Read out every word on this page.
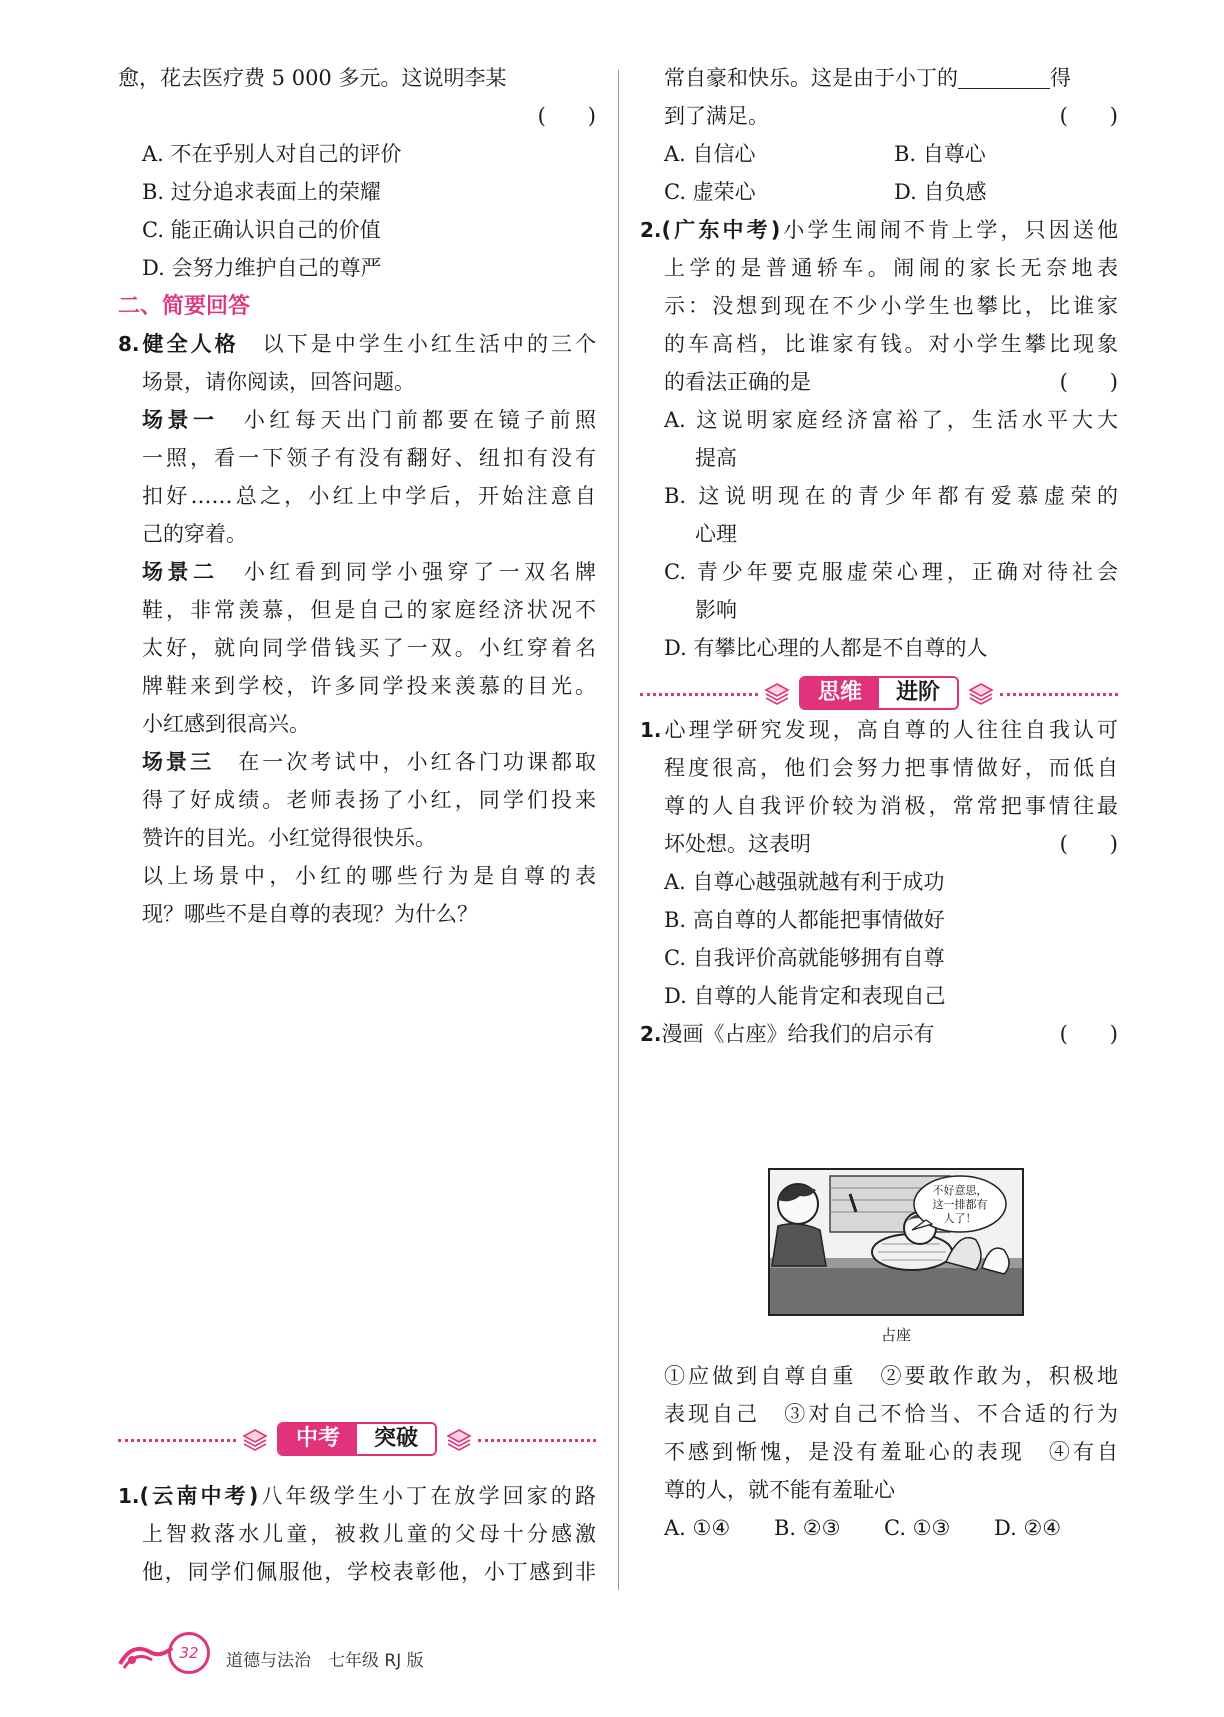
愈，花去医疗费 5 000 多元。这说明李某
(　　)
A. 不在乎别人对自己的评价
B. 过分追求表面上的荣耀
C. 能正确认识自己的价值
D. 会努力维护自己的尊严
二、简要回答
8.健全人格  以下是中学生小红生活中的三个
场景，请你阅读，回答问题。
场景一  小红每天出门前都要在镜子前照
一照，看一下领子有没有翻好、纽扣有没有
扣好……总之，小红上中学后，开始注意自
己的穿着。
场景二  小红看到同学小强穿了一双名牌
鞋，非常羡慕，但是自己的家庭经济状况不
太好，就向同学借钱买了一双。小红穿着名
牌鞋来到学校，许多同学投来羡慕的目光。
小红感到很高兴。
场景三  在一次考试中，小红各门功课都取
得了好成绩。老师表扬了小红，同学们投来
赞许的目光。小红觉得很快乐。
以上场景中，小红的哪些行为是自尊的表
现？哪些不是自尊的表现？为什么？
中考	突破
1.(云南中考)八年级学生小丁在放学回家的路
上智救落水儿童，被救儿童的父母十分感激
他，同学们佩服他，学校表彰他，小丁感到非
常自豪和快乐。这是由于小丁的	得
到了满足。	(　　)
A. 自信心	B. 自尊心
C. 虚荣心	D. 自负感
2.(广东中考)小学生闹闹不肯上学，只因送他
上学的是普通轿车。闹闹的家长无奈地表
示：没想到现在不少小学生也攀比，比谁家
的车高档，比谁家有钱。对小学生攀比现象
的看法正确的是	(　　)
A. 这说明家庭经济富裕了，生活水平大大
提高
B. 这说明现在的青少年都有爱慕虚荣的
心理
C. 青少年要克服虚荣心理，正确对待社会
影响
D. 有攀比心理的人都是不自尊的人
思维	进阶
1.心理学研究发现，高自尊的人往往自我认可
程度很高，他们会努力把事情做好，而低自
尊的人自我评价较为消极，常常把事情往最
坏处想。这表明	(　　)
A. 自尊心越强就越有利于成功
B. 高自尊的人都能把事情做好
C. 自我评价高就能够拥有自尊
D. 自尊的人能肯定和表现自己
2.漫画《占座》给我们的启示有	(　　)
不好意思，
这一排都有
人了！
占座
①应做到自尊自重　②要敢作敢为，积极地
表现自己　③对自己不恰当、不合适的行为
不感到惭愧，是没有羞耻心的表现　④有自
尊的人，就不能有羞耻心
A. ①④ B. ②③ C. ①③ D. ②④
32	道德与法治　七年级 RJ 版
